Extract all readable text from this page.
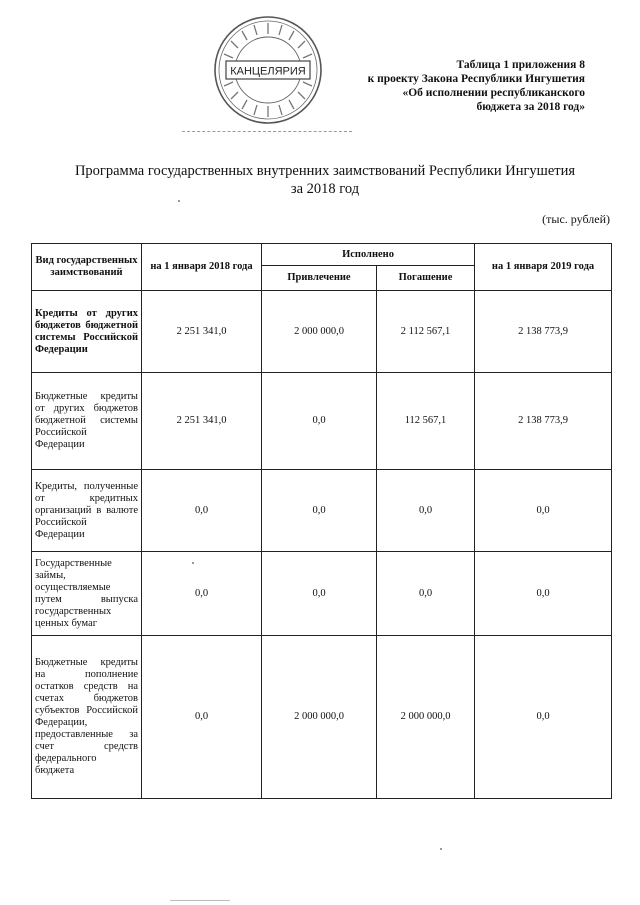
КАНЦЕЛЯРИЯ
Таблица 1 приложения 8
к проекту Закона Республики Ингушетия
«Об исполнении республиканского
бюджета за 2018 год»
Программа государственных внутренних заимствований Республики Ингушетия
за 2018 год
(тыс. рублей)
Вид государственных заимствований	на 1 января 2018 года	Исполнено		на 1 января 2019 года
		Привлечение	Погашение	
Кредиты от других бюджетов бюджетной системы Российской Федерации	2 251 341,0	2 000 000,0	2 112 567,1	2 138 773,9
Бюджетные кредиты от других бюджетов бюджетной системы Российской Федерации	2 251 341,0	0,0	112 567,1	2 138 773,9
Кредиты, полученные от кредитных организаций в валюте Российской Федерации	0,0	0,0	0,0	0,0
Государственные займы, осуществляемые путем выпуска государственных ценных бумаг	0,0	0,0	0,0	0,0
Бюджетные кредиты на пополнение остатков средств на счетах бюджетов субъектов Российской Федерации, предоставленные за счет средств федерального бюджета	0,0	2 000 000,0	2 000 000,0	0,0
